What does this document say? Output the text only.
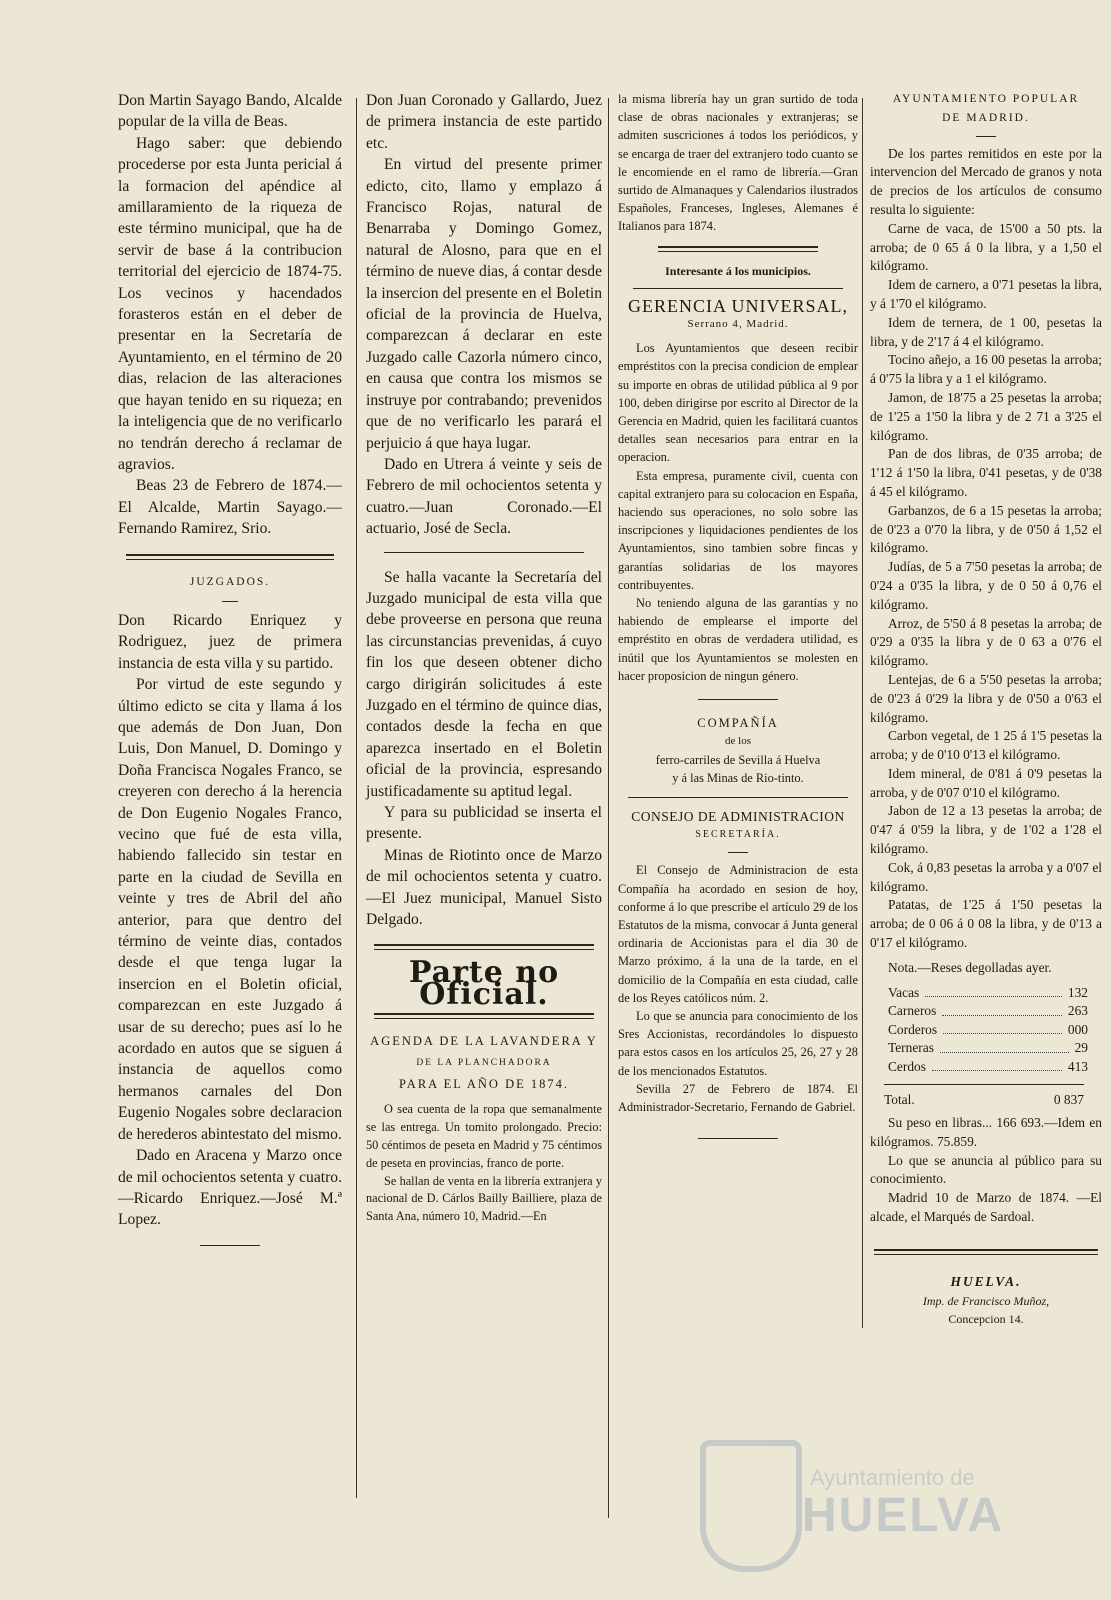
Don Martin Sayago Bando, Alcalde popular de la villa de Beas.

Hago saber: que debiendo procederse por esta Junta pericial á la formacion del apéndice al amillaramiento de la riqueza de este término municipal, que ha de servir de base á la contribucion territorial del ejercicio de 1874-75. Los vecinos y hacendados forasteros están en el deber de presentar en la Secretaría de Ayuntamiento, en el término de 20 dias, relacion de las alteraciones que hayan tenido en su riqueza; en la inteligencia que de no verificarlo no tendrán derecho á reclamar de agravios.

Beas 23 de Febrero de 1874.—El Alcalde, Martin Sayago.—Fernando Ramirez, Srio.

JUZGADOS.

Don Ricardo Enriquez y Rodriguez, juez de primera instancia de esta villa y su partido.

Por virtud de este segundo y último edicto se cita y llama á los que además de Don Juan, Don Luis, Don Manuel, D. Domingo y Doña Francisca Nogales Franco, se creyeren con derecho á la herencia de Don Eugenio Nogales Franco, vecino que fué de esta villa, habiendo fallecido sin testar en parte en la ciudad de Sevilla en veinte y tres de Abril del año anterior, para que dentro del término de veinte dias, contados desde el que tenga lugar la insercion en el Boletin oficial, comparezcan en este Juzgado á usar de su derecho; pues así lo he acordado en autos que se siguen á instancia de aquellos como hermanos carnales del Don Eugenio Nogales sobre declaracion de herederos abintestato del mismo.

Dado en Aracena y Marzo once de mil ochocientos setenta y cuatro.—Ricardo Enriquez.—José M.ª Lopez.

Don Juan Coronado y Gallardo, Juez de primera instancia de este partido etc.

En virtud del presente primer edicto, cito, llamo y emplazo á Francisco Rojas, natural de Benarraba y Domingo Gomez, natural de Alosno, para que en el término de nueve dias, á contar desde la insercion del presente en el Boletin oficial de la provincia de Huelva, comparezcan á declarar en este Juzgado calle Cazorla número cinco, en causa que contra los mismos se instruye por contrabando; prevenidos que de no verificarlo les parará el perjuicio á que haya lugar.

Dado en Utrera á veinte y seis de Febrero de mil ochocientos setenta y cuatro.—Juan Coronado.—El actuario, José de Secla.

Se halla vacante la Secretaría del Juzgado municipal de esta villa que debe proveerse en persona que reuna las circunstancias prevenidas, á cuyo fin los que deseen obtener dicho cargo dirigirán solicitudes á este Juzgado en el término de quince dias, contados desde la fecha en que aparezca insertado en el Boletin oficial de la provincia, espresando justificadamente su aptitud legal.

Y para su publicidad se inserta el presente.

Minas de Riotinto once de Marzo de mil ochocientos setenta y cuatro.—El Juez municipal, Manuel Sisto Delgado.

Parte no Oficial.

AGENDA DE LA LAVANDERA Y

DE LA PLANCHADORA

PARA EL AÑO DE 1874.

O sea cuenta de la ropa que semanalmente se las entrega. Un tomito prolongado. Precio: 50 céntimos de peseta en Madrid y 75 céntimos de peseta en provincias, franco de porte.

Se hallan de venta en la librería extranjera y nacional de D. Cárlos Bailly Bailliere, plaza de Santa Ana, número 10, Madrid.—En

la misma librería hay un gran surtido de toda clase de obras nacionales y extranjeras; se admiten suscriciones á todos los periódicos, y se encarga de traer del extranjero todo cuanto se le encomiende en el ramo de librería.—Gran surtido de Almanaques y Calendarios ilustrados Españoles, Franceses, Ingleses, Alemanes é Italianos para 1874.

Interesante á los municipios.

GERENCIA UNIVERSAL,

Serrano 4, Madrid.

Los Ayuntamientos que deseen recibir empréstitos con la precisa condicion de emplear su importe en obras de utilidad pública al 9 por 100, deben dirigirse por escrito al Director de la Gerencia en Madrid, quien les facilitará cuantos detalles sean necesarios para entrar en la operacion.

Esta empresa, puramente civil, cuenta con capital extranjero para su colocacion en España, haciendo sus operaciones, no solo sobre las inscripciones y liquidaciones pendientes de los Ayuntamientos, sino tambien sobre fincas y garantías solidarias de los mayores contribuyentes.

No teniendo alguna de las garantías y no habiendo de emplearse el importe del empréstito en obras de verdadera utilidad, es inútil que los Ayuntamientos se molesten en hacer proposicion de ningun género.

COMPAÑÍA

de los

ferro-carriles de Sevilla á Huelva

y á las Minas de Rio-tinto.

CONSEJO DE ADMINISTRACION

SECRETARÍA.

El Consejo de Administracion de esta Compañía ha acordado en sesion de hoy, conforme á lo que prescribe el artículo 29 de los Estatutos de la misma, convocar á Junta general ordinaria de Accionistas para el dia 30 de Marzo próximo, á la una de la tarde, en el domicilio de la Compañía en esta ciudad, calle de los Reyes católicos núm. 2.

Lo que se anuncia para conocimiento de los Sres Accionistas, recordándoles lo dispuesto para estos casos en los artículos 25, 26, 27 y 28 de los mencionados Estatutos.

Sevilla 27 de Febrero de 1874. El Administrador-Secretario, Fernando de Gabriel.

AYUNTAMIENTO POPULAR

DE MADRID.

De los partes remitidos en este por la intervencion del Mercado de granos y nota de precios de los artículos de consumo resulta lo siguiente:

Carne de vaca, de 15'00 a 50 pts. la arroba; de 0 65 á 0 la libra, y a 1,50 el kilógramo.

Idem de carnero, a 0'71 pesetas la libra, y á 1'70 el kilógramo.

Idem de ternera, de 1 00, pesetas la libra, y de 2'17 á 4 el kilógramo.

Tocino añejo, a 16 00 pesetas la arroba; á 0'75 la libra y a 1 el kilógramo.

Jamon, de 18'75 a 25 pesetas la arroba; de 1'25 a 1'50 la libra y de 2 71 a 3'25 el kilógramo.

Pan de dos libras, de 0'35 arroba; de 1'12 á 1'50 la libra, 0'41 pesetas, y de 0'38 á 45 el kilógramo.

Garbanzos, de 6 a 15 pesetas la arroba; de 0'23 a 0'70 la libra, y de 0'50 á 1,52 el kilógramo.

Judías, de 5 a 7'50 pesetas la arroba; de 0'24 a 0'35 la libra, y de 0 50 á 0,76 el kilógramo.

Arroz, de 5'50 á 8 pesetas la arroba; de 0'29 a 0'35 la libra y de 0 63 a 0'76 el kilógramo.

Lentejas, de 6 a 5'50 pesetas la arroba; de 0'23 á 0'29 la libra y de 0'50 a 0'63 el kilógramo.

Carbon vegetal, de 1 25 á 1'5 pesetas la arroba; y de 0'10 0'13 el kilógramo.

Idem mineral, de 0'81 á 0'9 pesetas la arroba, y de 0'07 0'10 el kilógramo.

Jabon de 12 a 13 pesetas la arroba; de 0'47 á 0'59 la libra, y de 1'02 a 1'28 el kilógramo.

Cok, á 0,83 pesetas la arroba y a 0'07 el kilógramo.

Patatas, de 1'25 á 1'50 pesetas la arroba; de 0 06 á 0 08 la libra, y de 0'13 a 0'17 el kilógramo.

Nota.—Reses degolladas ayer.

Vacas	132
Carneros	263
Corderos	000
Terneras	29
Cerdos	413
Total.	0 837

Su peso en libras... 166 693.—Idem en kilógramos. 75.859.

Lo que se anuncia al público para su conocimiento.

Madrid 10 de Marzo de 1874. —El alcade, el Marqués de Sardoal.

HUELVA.

Imp. de Francisco Muñoz,

Concepcion 14.

Ayuntamiento de
HUELVA
